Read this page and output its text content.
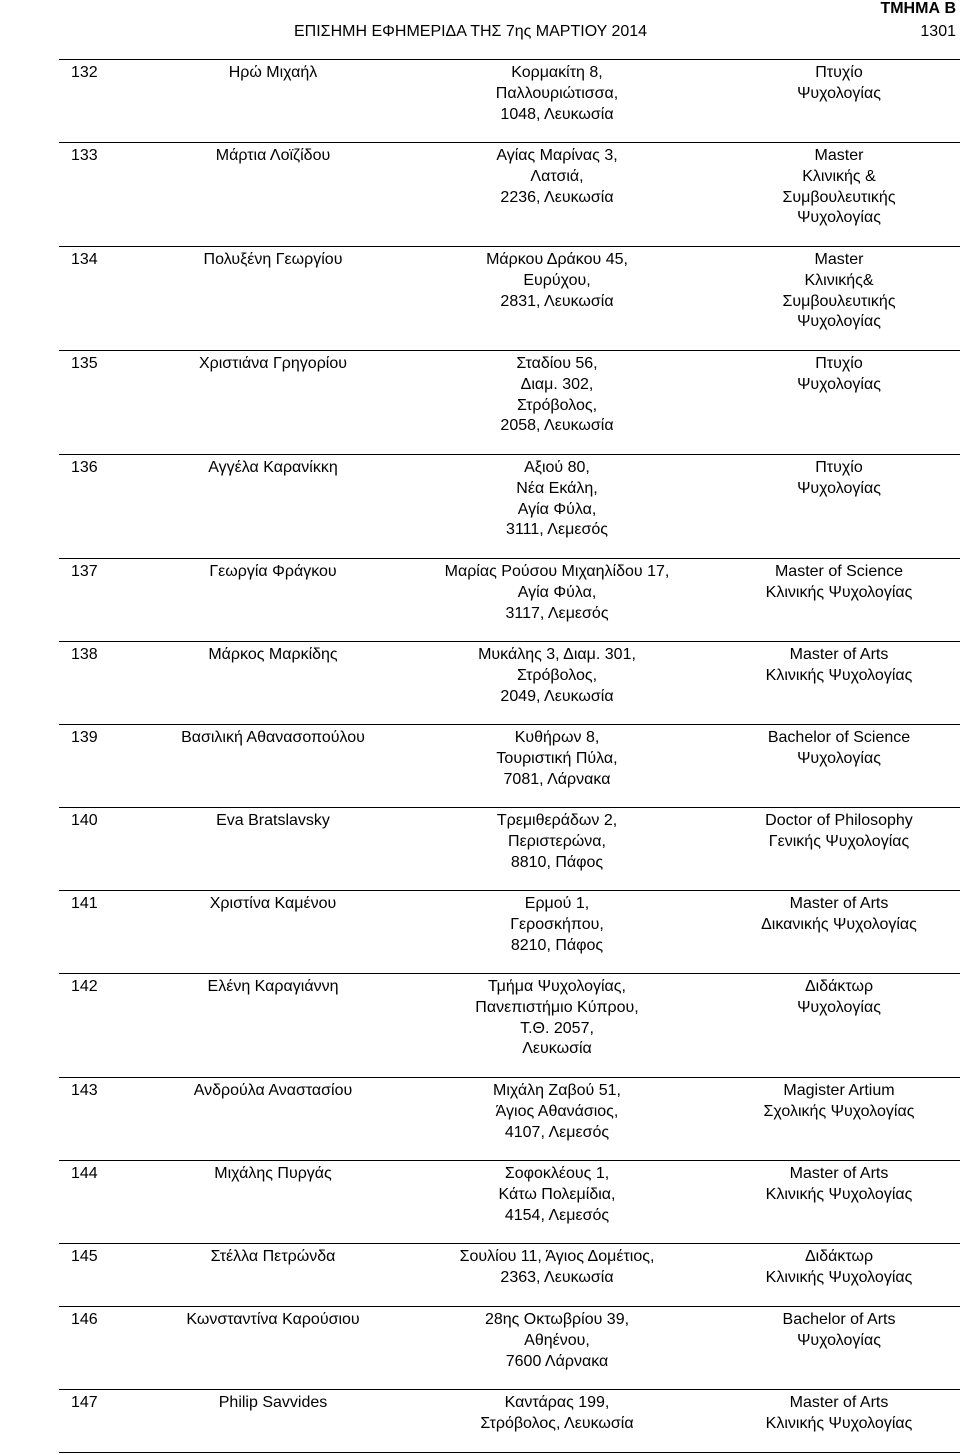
ΤΜΗΜΑ Β
ΕΠΙΣΗΜΗ ΕΦΗΜΕΡΙΔΑ ΤΗΣ 7ης ΜΑΡΤΙΟΥ 2014	1301
132	Ηρώ Μιχαήλ	Κορμακίτη 8,
Παλλουριώτισσα,
1048, Λευκωσία	Πτυχίο
Ψυχολογίας

133	Μάρτια Λοϊζίδου	Αγίας Μαρίνας 3,
Λατσιά,
2236, Λευκωσία	Master
Κλινικής &
Συμβουλευτικής
Ψυχολογίας

134	Πολυξένη Γεωργίου	Μάρκου Δράκου 45,
Ευρύχου,
2831, Λευκωσία	Master
Κλινικής&
Συμβουλευτικής
Ψυχολογίας

135	Χριστιάνα Γρηγορίου	Σταδίου 56,
Διαμ. 302,
Στρόβολος,
2058, Λευκωσία	Πτυχίο
Ψυχολογίας

136	Αγγέλα Καρανίκκη	Αξιού 80,
Νέα Εκάλη,
Αγία Φύλα,
3111, Λεμεσός	Πτυχίο
Ψυχολογίας

137	Γεωργία Φράγκου	Μαρίας Ρούσου Μιχαηλίδου 17,
Αγία Φύλα,
3117, Λεμεσός	Master of Science
Κλινικής Ψυχολογίας

138	Μάρκος Μαρκίδης	Μυκάλης 3, Διαμ. 301,
Στρόβολος,
2049, Λευκωσία	Master of Arts
Κλινικής Ψυχολογίας

139	Βασιλική Αθανασοπούλου	Κυθήρων 8,
Τουριστική Πύλα,
7081, Λάρνακα	Bachelor of Science
Ψυχολογίας

140	Eva Bratslavsky	Τρεμιθεράδων 2,
Περιστερώνα,
8810, Πάφος	Doctor of Philosophy
Γενικής Ψυχολογίας

141	Χριστίνα Καμένου	Ερμού 1,
Γεροσκήπου,
8210, Πάφος	Master of Arts
Δικανικής Ψυχολογίας

142	Ελένη Καραγιάννη	Τμήμα Ψυχολογίας,
Πανεπιστήμιο Κύπρου,
Τ.Θ. 2057,
Λευκωσία	Διδάκτωρ
Ψυχολογίας

143	Ανδρούλα Αναστασίου	Μιχάλη Ζαβού 51,
Άγιος Αθανάσιος,
4107, Λεμεσός	Magister Artium
Σχολικής Ψυχολογίας

144	Μιχάλης Πυργάς	Σοφοκλέους 1,
Κάτω Πολεμίδια,
4154, Λεμεσός	Master of Arts
Κλινικής Ψυχολογίας

145	Στέλλα Πετρώνδα	Σουλίου 11, Άγιος Δομέτιος,
2363, Λευκωσία	Διδάκτωρ
Κλινικής Ψυχολογίας

146	Κωνσταντίνα Καρούσιου	28ης Οκτωβρίου 39,
Αθηένου,
7600 Λάρνακα	Bachelor of Arts
Ψυχολογίας

147	Philip Savvides	Καντάρας 199,
Στρόβολος, Λευκωσία	Master of Arts
Κλινικής Ψυχολογίας
